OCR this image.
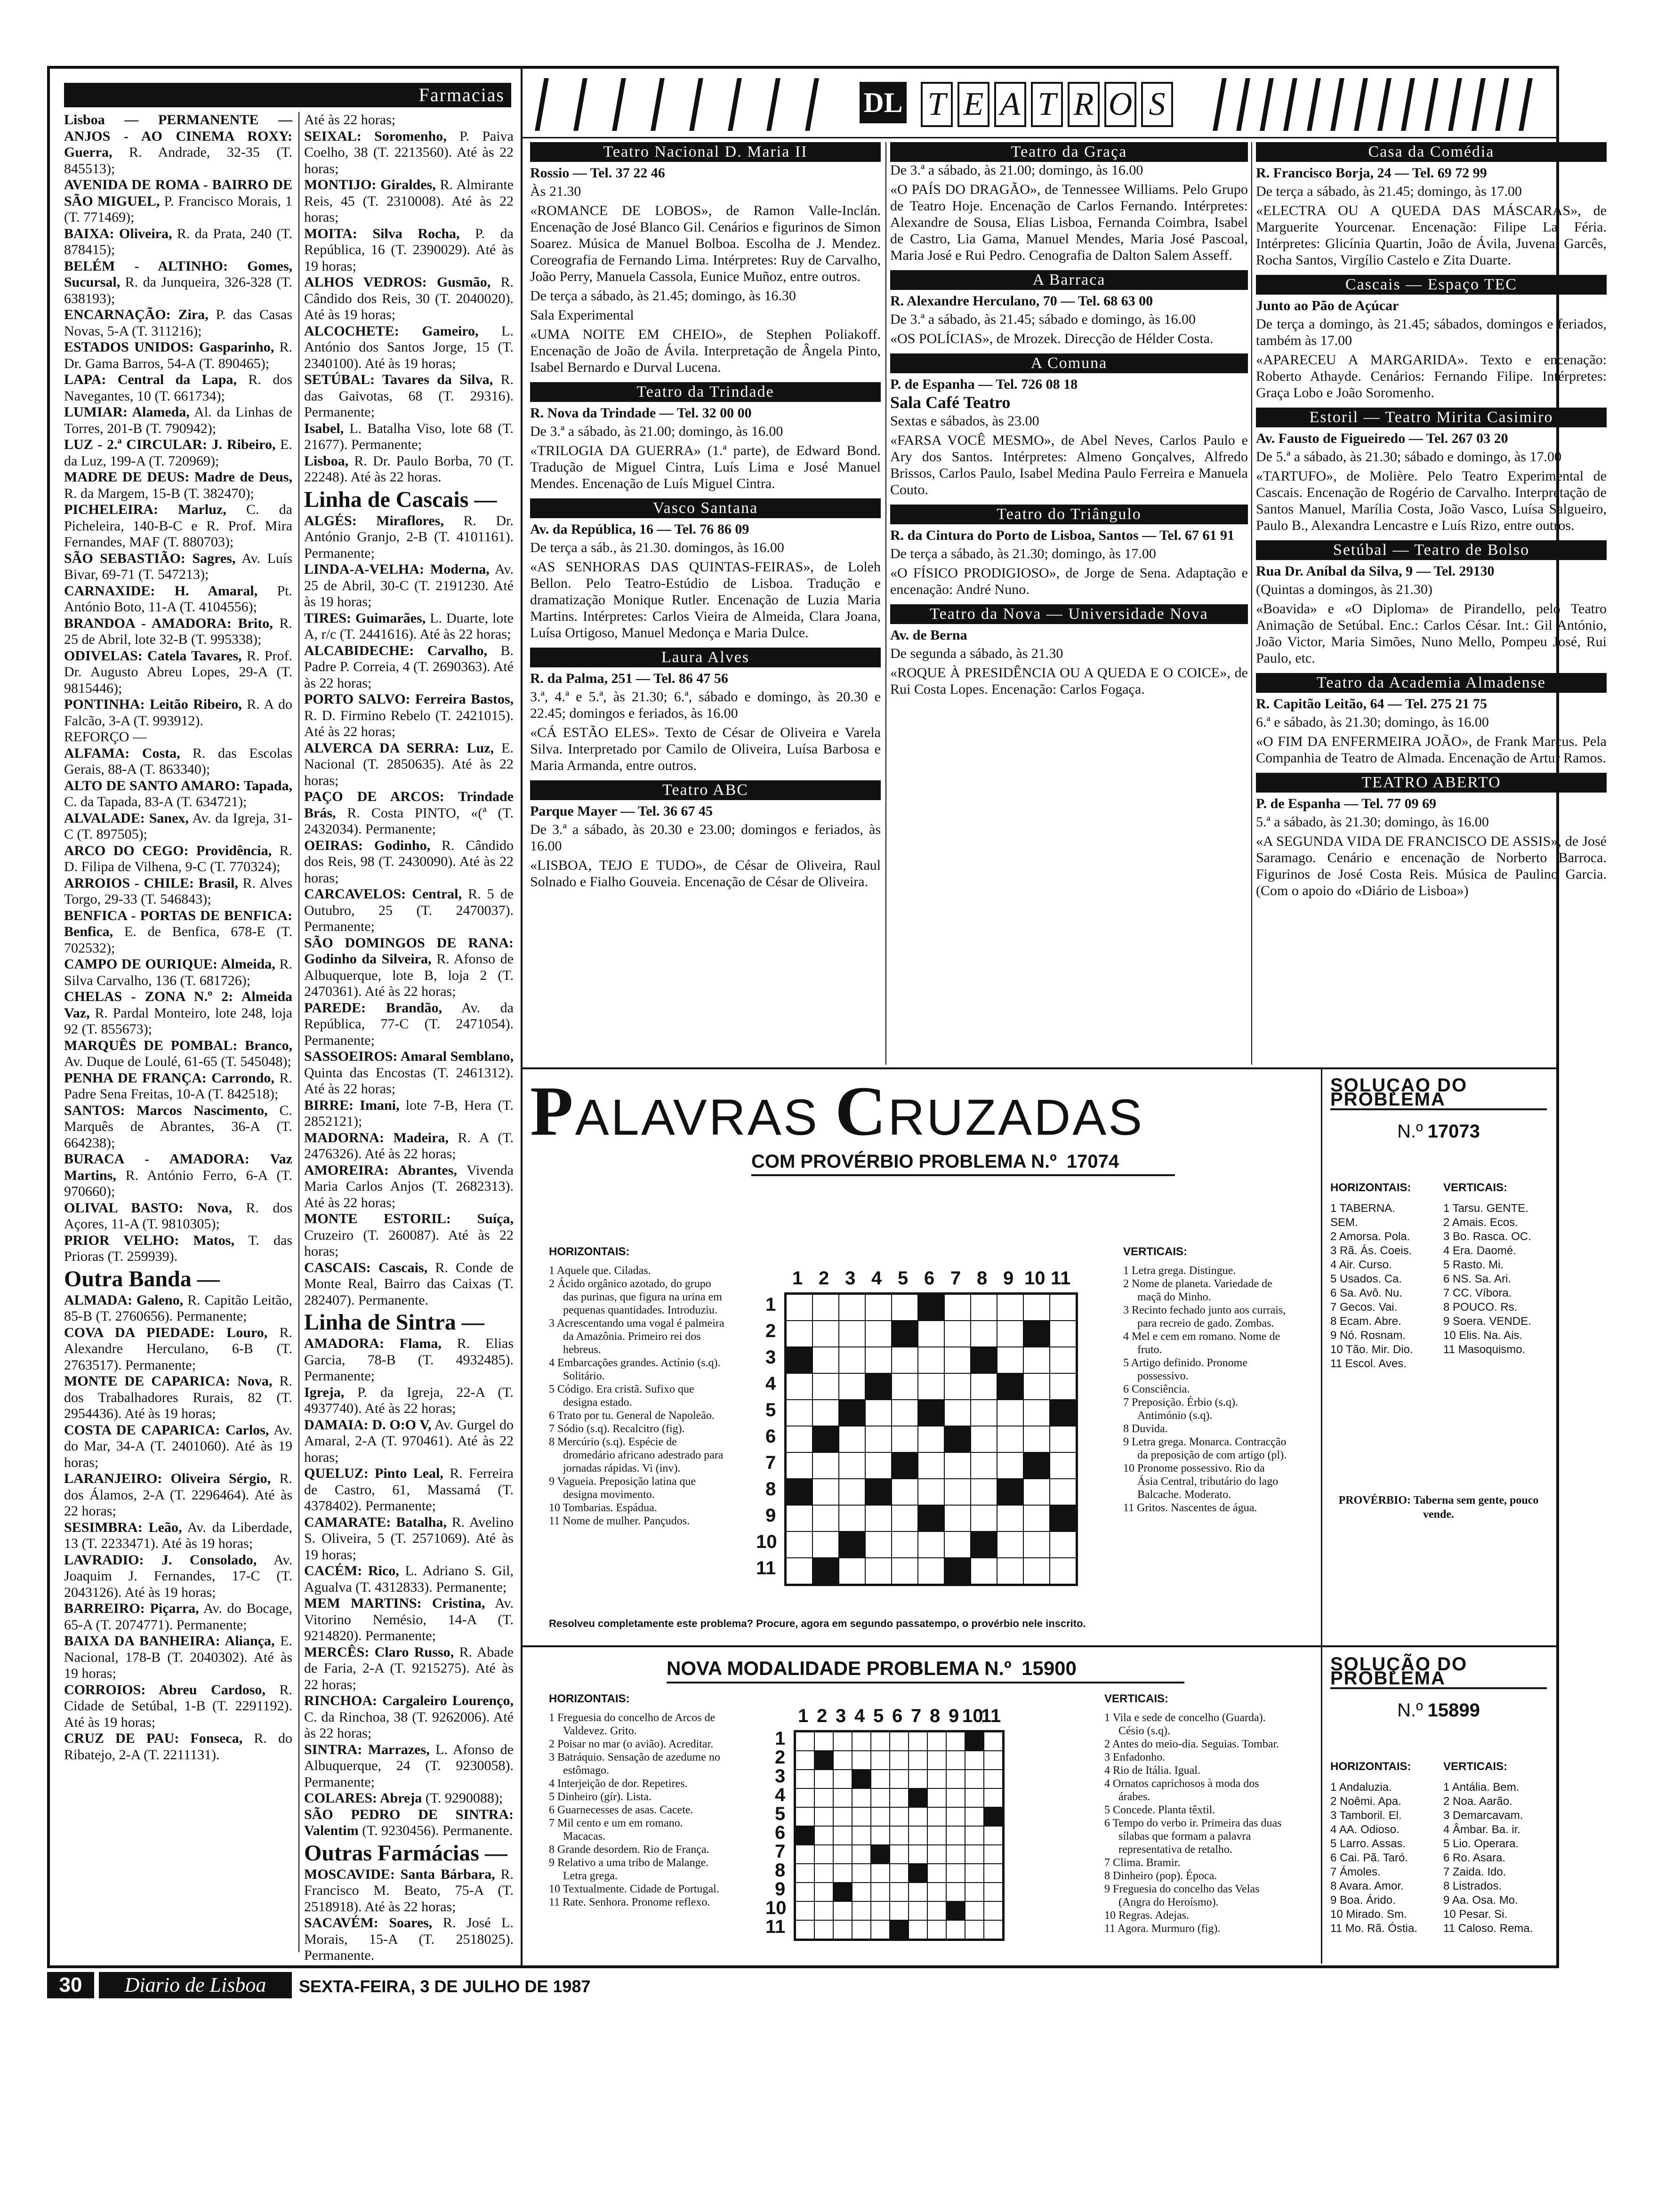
Farmacias

Lisboa — PERMANENTE — ANJOS - AO CINEMA ROXY: Guerra, R. Andrade, 32-35 (T. 845513);

AVENIDA DE ROMA - BAIRRO DE SÃO MIGUEL, P. Francisco Morais, 1 (T. 771469);

BAIXA: Oliveira, R. da Prata, 240 (T. 878415);

BELÉM - ALTINHO: Gomes, Sucursal, R. da Junqueira, 326-328 (T. 638193);

ENCARNAÇÃO: Zira, P. das Casas Novas, 5-A (T. 311216);

ESTADOS UNIDOS: Gasparinho, R. Dr. Gama Barros, 54-A (T. 890465);

LAPA: Central da Lapa, R. dos Navegantes, 10 (T. 661734);

LUMIAR: Alameda, Al. da Linhas de Torres, 201-B (T. 790942);

LUZ - 2.ª CIRCULAR: J. Ribeiro, E. da Luz, 199-A (T. 720969);

MADRE DE DEUS: Madre de Deus, R. da Margem, 15-B (T. 382470);

PICHELEIRA: Marluz, C. da Picheleira, 140-B-C e R. Prof. Mira Fernandes, MAF (T. 880703);

SÃO SEBASTIÃO: Sagres, Av. Luís Bivar, 69-71 (T. 547213);

CARNAXIDE: H. Amaral, Pt. António Boto, 11-A (T. 4104556);

BRANDOA - AMADORA: Brito, R. 25 de Abril, lote 32-B (T. 995338);

ODIVELAS: Catela Tavares, R. Prof. Dr. Augusto Abreu Lopes, 29-A (T. 9815446);

PONTINHA: Leitão Ribeiro, R. A do Falcão, 3-A (T. 993912).

REFORÇO —

ALFAMA: Costa, R. das Escolas Gerais, 88-A (T. 863340);

ALTO DE SANTO AMARO: Tapada, C. da Tapada, 83-A (T. 634721);

ALVALADE: Sanex, Av. da Igreja, 31-C (T. 897505);

ARCO DO CEGO: Providência, R. D. Filipa de Vilhena, 9-C (T. 770324);

ARROIOS - CHILE: Brasil, R. Alves Torgo, 29-33 (T. 546843);

BENFICA - PORTAS DE BENFICA: Benfica, E. de Benfica, 678-E (T. 702532);

CAMPO DE OURIQUE: Almeida, R. Silva Carvalho, 136 (T. 681726);

CHELAS - ZONA N.º 2: Almeida Vaz, R. Pardal Monteiro, lote 248, loja 92 (T. 855673);

MARQUÊS DE POMBAL: Branco, Av. Duque de Loulé, 61-65 (T. 545048);

PENHA DE FRANÇA: Carrondo, R. Padre Sena Freitas, 10-A (T. 842518);

SANTOS: Marcos Nascimento, C. Marquês de Abrantes, 36-A (T. 664238);

BURACA - AMADORA: Vaz Martins, R. António Ferro, 6-A (T. 970660);

OLIVAL BASTO: Nova, R. dos Açores, 11-A (T. 9810305);

PRIOR VELHO: Matos, T. das Prioras (T. 259939).

Outra Banda —

ALMADA: Galeno, R. Capitão Leitão, 85-B (T. 2760656). Permanente;

COVA DA PIEDADE: Louro, R. Alexandre Herculano, 6-B (T. 2763517). Permanente;

MONTE DE CAPARICA: Nova, R. dos Trabalhadores Rurais, 82 (T. 2954436). Até às 19 horas;

COSTA DE CAPARICA: Carlos, Av. do Mar, 34-A (T. 2401060). Até às 19 horas;

LARANJEIRO: Oliveira Sérgio, R. dos Álamos, 2-A (T. 2296464). Até às 22 horas;

SESIMBRA: Leão, Av. da Liberdade, 13 (T. 2233471). Até às 19 horas;

LAVRADIO: J. Consolado, Av. Joaquim J. Fernandes, 17-C (T. 2043126). Até às 19 horas;

BARREIRO: Piçarra, Av. do Bocage, 65-A (T. 2074771). Permanente;

BAIXA DA BANHEIRA: Aliança, E. Nacional, 178-B (T. 2040302). Até às 19 horas;

CORROIOS: Abreu Cardoso, R. Cidade de Setúbal, 1-B (T. 2291192). Até às 19 horas;

CRUZ DE PAU: Fonseca, R. do Ribatejo, 2-A (T. 2211131).

Até às 22 horas;

SEIXAL: Soromenho, P. Paiva Coelho, 38 (T. 2213560). Até às 22 horas;

MONTIJO: Giraldes, R. Almirante Reis, 45 (T. 2310008). Até às 22 horas;

MOITA: Silva Rocha, P. da República, 16 (T. 2390029). Até às 19 horas;

ALHOS VEDROS: Gusmão, R. Cândido dos Reis, 30 (T. 2040020). Até às 19 horas;

ALCOCHETE: Gameiro, L. António dos Santos Jorge, 15 (T. 2340100). Até às 19 horas;

SETÚBAL: Tavares da Silva, R. das Gaivotas, 68 (T. 29316). Permanente;

Isabel, L. Batalha Viso, lote 68 (T. 21677). Permanente;

Lisboa, R. Dr. Paulo Borba, 70 (T. 22248). Até às 22 horas.

Linha de Cascais —

ALGÉS: Miraflores, R. Dr. António Granjo, 2-B (T. 4101161). Permanente;

LINDA-A-VELHA: Moderna, Av. 25 de Abril, 30-C (T. 2191230. Até às 19 horas;

TIRES: Guimarães, L. Duarte, lote A, r/c (T. 2441616). Até às 22 horas;

ALCABIDECHE: Carvalho, B. Padre P. Correia, 4 (T. 2690363). Até às 22 horas;

PORTO SALVO: Ferreira Bastos, R. D. Firmino Rebelo (T. 2421015). Até às 22 horas;

ALVERCA DA SERRA: Luz, E. Nacional (T. 2850635). Até às 22 horas;

PAÇO DE ARCOS: Trindade Brás, R. Costa PINTO, «(ª (T. 2432034). Permanente;

OEIRAS: Godinho, R. Cândido dos Reis, 98 (T. 2430090). Até às 22 horas;

CARCAVELOS: Central, R. 5 de Outubro, 25 (T. 2470037). Permanente;

SÃO DOMINGOS DE RANA: Godinho da Silveira, R. Afonso de Albuquerque, lote B, loja 2 (T. 2470361). Até às 22 horas;

PAREDE: Brandão, Av. da República, 77-C (T. 2471054). Permanente;

SASSOEIROS: Amaral Semblano, Quinta das Encostas (T. 2461312). Até às 22 horas;

BIRRE: Imani, lote 7-B, Hera (T. 2852121);

MADORNA: Madeira, R. A (T. 2476326). Até às 22 horas;

AMOREIRA: Abrantes, Vivenda Maria Carlos Anjos (T. 2682313). Até às 22 horas;

MONTE ESTORIL: Suíça, Cruzeiro (T. 260087). Até às 22 horas;

CASCAIS: Cascais, R. Conde de Monte Real, Bairro das Caixas (T. 282407). Permanente.

Linha de Sintra —

AMADORA: Flama, R. Elias Garcia, 78-B (T. 4932485). Permanente;

Igreja, P. da Igreja, 22-A (T. 4937740). Até às 22 horas;

DAMAIA: D. O:O V, Av. Gurgel do Amaral, 2-A (T. 970461). Até às 22 horas;

QUELUZ: Pinto Leal, R. Ferreira de Castro, 61, Massamá (T. 4378402). Permanente;

CAMARATE: Batalha, R. Avelino S. Oliveira, 5 (T. 2571069). Até às 19 horas;

CACÉM: Rico, L. Adriano S. Gil, Agualva (T. 4312833). Permanente;

MEM MARTINS: Cristina, Av. Vitorino Nemésio, 14-A (T. 9214820). Permanente;

MERCÊS: Claro Russo, R. Abade de Faria, 2-A (T. 9215275). Até às 22 horas;

RINCHOA: Cargaleiro Lourenço, C. da Rinchoa, 38 (T. 9262006). Até às 22 horas;

SINTRA: Marrazes, L. Afonso de Albuquerque, 24 (T. 9230058). Permanente;

COLARES: Abreja (T. 9290088);

SÃO PEDRO DE SINTRA: Valentim (T. 9230456). Permanente.

Outras Farmácias —

MOSCAVIDE: Santa Bárbara, R. Francisco M. Beato, 75-A (T. 2518918). Até às 22 horas;

SACAVÉM: Soares, R. José L. Morais, 15-A (T. 2518025). Permanente.

DL T E A T R O S
Teatro Nacional D. Maria II
Rossio — Tel. 37 22 46

Às 21.30

«ROMANCE DE LOBOS», de Ramon Valle-Inclán. Encenação de José Blanco Gil. Cenários e figurinos de Simon Soarez. Música de Manuel Bolboa. Escolha de J. Mendez. Coreografia de Fernando Lima. Intérpretes: Ruy de Carvalho, João Perry, Manuela Cassola, Eunice Muñoz, entre outros.

De terça a sábado, às 21.45; domingo, às 16.30

Sala Experimental

«UMA NOITE EM CHEIO», de Stephen Poliakoff. Encenação de João de Ávila. Interpretação de Ângela Pinto, Isabel Bernardo e Durval Lucena.

Teatro da Trindade
R. Nova da Trindade — Tel. 32 00 00

De 3.ª a sábado, às 21.00; domingo, às 16.00

«TRILOGIA DA GUERRA» (1.ª parte), de Edward Bond. Tradução de Miguel Cintra, Luís Lima e José Manuel Mendes. Encenação de Luís Miguel Cintra.

Vasco Santana
Av. da República, 16 — Tel. 76 86 09

De terça a sáb., às 21.30. domingos, às 16.00

«AS SENHORAS DAS QUINTAS-FEIRAS», de Loleh Bellon. Pelo Teatro-Estúdio de Lisboa. Tradução e dramatização Monique Rutler. Encenação de Luzia Maria Martins. Intérpretes: Carlos Vieira de Almeida, Clara Joana, Luísa Ortigoso, Manuel Medonça e Maria Dulce.

Laura Alves
R. da Palma, 251 — Tel. 86 47 56

3.ª, 4.ª e 5.ª, às 21.30; 6.ª, sábado e domingo, às 20.30 e 22.45; domingos e feriados, às 16.00

«CÁ ESTÃO ELES». Texto de César de Oliveira e Varela Silva. Interpretado por Camilo de Oliveira, Luísa Barbosa e Maria Armanda, entre outros.

Teatro ABC
Parque Mayer — Tel. 36 67 45

De 3.ª a sábado, às 20.30 e 23.00; domingos e feriados, às 16.00

«LISBOA, TEJO E TUDO», de César de Oliveira, Raul Solnado e Fialho Gouveia. Encenação de César de Oliveira.

Teatro da Graça

De 3.ª a sábado, às 21.00; domingo, às 16.00

«O PAÍS DO DRAGÃO», de Tennessee Williams. Pelo Grupo de Teatro Hoje. Encenação de Carlos Fernando. Intérpretes: Alexandre de Sousa, Elias Lisboa, Fernanda Coimbra, Isabel de Castro, Lia Gama, Manuel Mendes, Maria José Pascoal, Maria José e Rui Pedro. Cenografia de Dalton Salem Asseff.

A Barraca
R. Alexandre Herculano, 70 — Tel. 68 63 00

De 3.ª a sábado, às 21.45; sábado e domingo, às 16.00

«OS POLÍCIAS», de Mrozek. Direcção de Hélder Costa.

A Comuna
P. de Espanha — Tel. 726 08 18
Sala Café Teatro

Sextas e sábados, às 23.00

«FARSA VOCÊ MESMO», de Abel Neves, Carlos Paulo e Ary dos Santos. Intérpretes: Almeno Gonçalves, Alfredo Brissos, Carlos Paulo, Isabel Medina Paulo Ferreira e Manuela Couto.

Teatro do Triângulo
R. da Cintura do Porto de Lisboa, Santos — Tel. 67 61 91

De terça a sábado, às 21.30; domingo, às 17.00

«O FÍSICO PRODIGIOSO», de Jorge de Sena. Adaptação e encenação: André Nuno.

Teatro da Nova — Universidade Nova
Av. de Berna

De segunda a sábado, às 21.30

«ROQUE À PRESIDÊNCIA OU A QUEDA E O COICE», de Rui Costa Lopes. Encenação: Carlos Fogaça.

Casa da Comédia
R. Francisco Borja, 24 — Tel. 69 72 99

De terça a sábado, às 21.45; domingo, às 17.00

«ELECTRA OU A QUEDA DAS MÁSCARAS», de Marguerite Yourcenar. Encenação: Filipe La Féria. Intérpretes: Glicínia Quartin, João de Ávila, Juvenal Garcês, Rocha Santos, Virgílio Castelo e Zita Duarte.

Cascais — Espaço TEC
Junto ao Pão de Açúcar

De terça a domingo, às 21.45; sábados, domingos e feriados, também às 17.00

«APARECEU A MARGARIDA». Texto e encenação: Roberto Athayde. Cenários: Fernando Filipe. Intérpretes: Graça Lobo e João Soromenho.

Estoril — Teatro Mirita Casimiro
Av. Fausto de Figueiredo — Tel. 267 03 20

De 5.ª a sábado, às 21.30; sábado e domingo, às 17.00

«TARTUFO», de Molière. Pelo Teatro Experimental de Cascais. Encenação de Rogério de Carvalho. Interpretação de Santos Manuel, Marília Costa, João Vasco, Luísa Salgueiro, Paulo B., Alexandra Lencastre e Luís Rizo, entre outros.

Setúbal — Teatro de Bolso
Rua Dr. Aníbal da Silva, 9 — Tel. 29130

(Quintas a domingos, às 21.30)

«Boavida» e «O Diploma» de Pirandello, pelo Teatro Animação de Setúbal. Enc.: Carlos César. Int.: Gil António, João Victor, Maria Simões, Nuno Mello, Pompeu José, Rui Paulo, etc.

Teatro da Academia Almadense
R. Capitão Leitão, 64 — Tel. 275 21 75

6.ª e sábado, às 21.30; domingo, às 16.00

«O FIM DA ENFERMEIRA JOÃO», de Frank Marcus. Pela Companhia de Teatro de Almada. Encenação de Artur Ramos.

TEATRO ABERTO
P. de Espanha — Tel. 77 09 69

5.ª a sábado, às 21.30; domingo, às 16.00

«A SEGUNDA VIDA DE FRANCISCO DE ASSIS», de José Saramago. Cenário e encenação de Norberto Barroca. Figurinos de José Costa Reis. Música de Paulino Garcia. (Com o apoio do «Diário de Lisboa»)

PALAVRAS CRUZADAS
COM PROVÉRBIO PROBLEMA N.º 17074
HORIZONTAIS:

1 Aquele que. Ciladas.

2 Ácido orgânico azotado, do grupo das purinas, que figura na urina em pequenas quantidades. Introduziu.

3 Acrescentando uma vogal é palmeira da Amazônia. Primeiro rei dos hebreus.

4 Embarcações grandes. Actínio (s.q). Solitário.

5 Código. Era cristã. Sufixo que designa estado.

6 Trato por tu. General de Napoleão.

7 Sódio (s.q). Recalcitro (fig).

8 Mercúrio (s.q). Espécie de dromedário africano adestrado para jornadas rápidas. Vi (inv).

9 Vagueia. Preposição latina que designa movimento.

10 Tombarias. Espádua.

11 Nome de mulher. Pançudos.

1
1
2
2
3
3
4
4
5
5
6
6
7
7
8
8
9
9
10
10
11
11
VERTICAIS:

1 Letra grega. Distingue.

2 Nome de planeta. Variedade de maçã do Minho.

3 Recinto fechado junto aos currais, para recreio de gado. Zombas.

4 Mel e cem em romano. Nome de fruto.

5 Artigo definido. Pronome possessivo.

6 Consciência.

7 Preposição. Érbio (s.q). Antimónio (s.q).

8 Duvida.

9 Letra grega. Monarca. Contracção da preposição de com artigo (pl).

10 Pronome possessivo. Rio da Ásia Central, tributário do lago Balcache. Moderato.

11 Gritos. Nascentes de água.

Resolveu completamente este problema? Procure, agora em segundo passatempo, o provérbio nele inscrito.
SOLUÇAO DO PROBLEMA
N.º 17073
HORIZONTAIS:
1 TABERNA. SEM.
2 Amorsa. Pola.
3 Rã. Ás. Coeis.
4 Air. Curso.
5 Usados. Ca.
6 Sa. Avô. Nu.
7 Gecos. Vai.
8 Ecam. Abre.
9 Nó. Rosnam.
10 Tão. Mir. Dio.
11 Escol. Aves.
VERTICAIS:
1 Tarsu. GENTE.
2 Amais. Ecos.
3 Bo. Rasca. OC.
4 Era. Daomé.
5 Rasto. Mi.
6 NS. Sa. Ari.
7 CC. Víbora.
8 POUCO. Rs.
9 Soera. VENDE.
10 Elis. Na. Ais.
11 Masoquismo.
PROVÉRBIO: Taberna sem gente, pouco vende.
NOVA MODALIDADE PROBLEMA N.º 15900
HORIZONTAIS:

1 Freguesia do concelho de Arcos de Valdevez. Grito.

2 Poisar no mar (o avião). Acreditar.

3 Batráquio. Sensação de azedume no estômago.

4 Interjeição de dor. Repetires.

5 Dinheiro (gír). Lista.

6 Guarnecesses de asas. Cacete.

7 Mil cento e um em romano. Macacas.

8 Grande desordem. Rio de França.

9 Relativo a uma tribo de Malange. Letra grega.

10 Textualmente. Cidade de Portugal.

11 Rate. Senhora. Pronome reflexo.

1
1
2
2
3
3
4
4
5
5
6
6
7
7
8
8
9
9
10
10
11
11
VERTICAIS:

1 Vila e sede de concelho (Guarda). Césio (s.q).

2 Antes do meio-dia. Seguias. Tombar.

3 Enfadonho.

4 Rio de Itália. Igual.

4 Ornatos caprichosos à moda dos árabes.

5 Concede. Planta têxtil.

6 Tempo do verbo ir. Primeira das duas sílabas que formam a palavra representativa de retalho.

7 Clima. Bramir.

8 Dinheiro (pop). Época.

9 Freguesia do concelho das Velas (Angra do Heroísmo).

10 Regras. Adejas.

11 Agora. Murmuro (fig).

SOLUÇÃO DO PROBLEMA
N.º 15899
HORIZONTAIS:
1 Andaluzia.
2 Noêmi. Apa.
3 Tamboril. El.
4 AA. Odioso.
5 Larro. Assas.
6 Cai. Pã. Taró.
7 Ámoles.
8 Avara. Amor.
9 Boa. Árido.
10 Mirado. Sm.
11 Mo. Rã. Óstia.
VERTICAIS:
1 Antália. Bem.
2 Noa. Aarão.
3 Demarcavam.
4 Âmbar. Ba. ir.
5 Lio. Operara.
6 Ro. Asara.
7 Zaida. Ido.
8 Listrados.
9 Aa. Osa. Mo.
10 Pesar. Si.
11 Caloso. Rema.
30	Diario de Lisboa	SEXTA-FEIRA, 3 DE JULHO DE 1987
